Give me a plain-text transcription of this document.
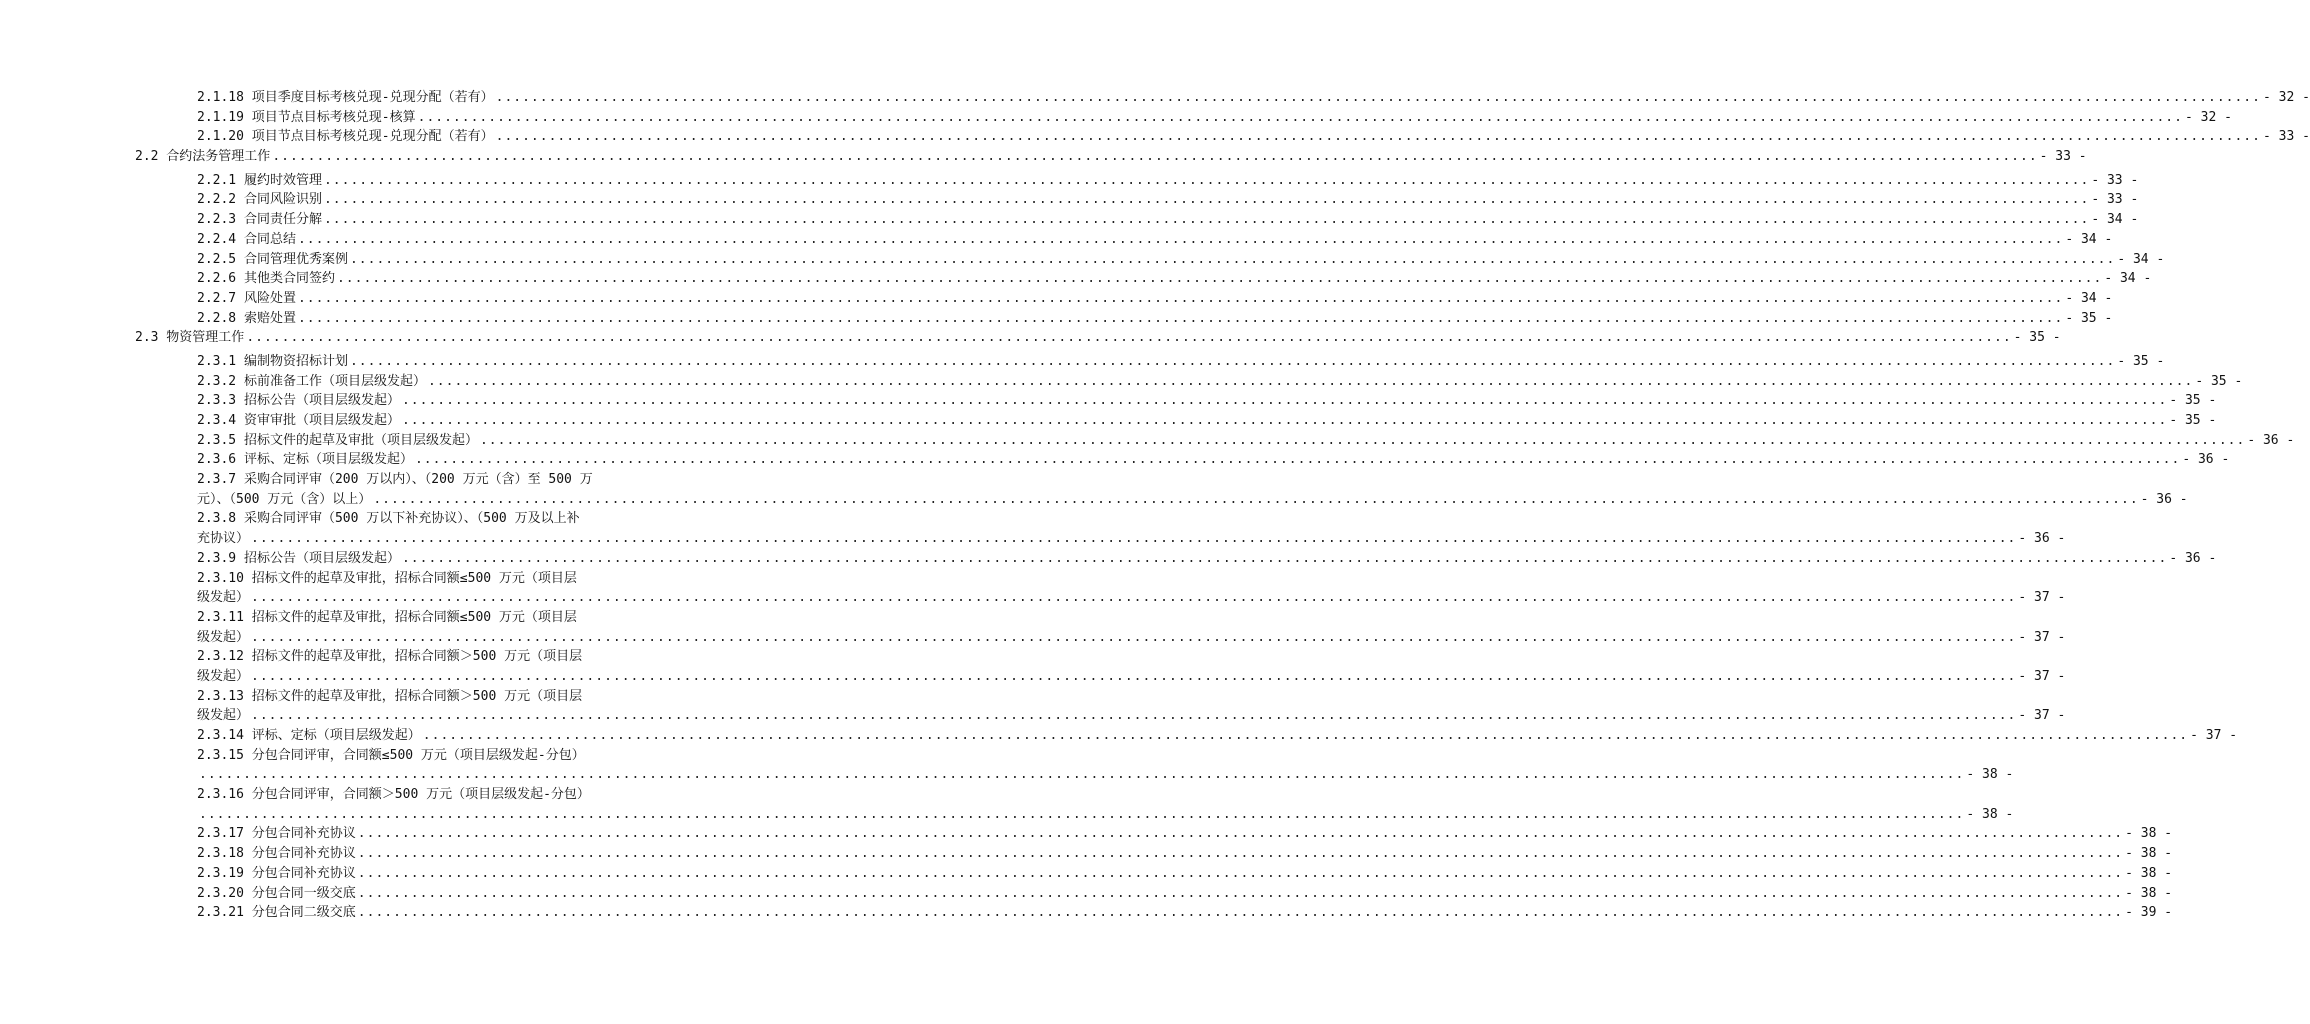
2.1.18 项目季度目标考核兑现-兑现分配（若有） ........................................................................................................................................................................................................ - 32 -
2.1.19 项目节点目标考核兑现-核算 ........................................................................................................................................................................................................ - 32 -
2.1.20 项目节点目标考核兑现-兑现分配（若有） ........................................................................................................................................................................................................ - 33 -
2.2 合约法务管理工作 ........................................................................................................................................................................................................ - 33 -
2.2.1 履约时效管理 ........................................................................................................................................................................................................ - 33 -
2.2.2 合同风险识别 ........................................................................................................................................................................................................ - 33 -
2.2.3 合同责任分解 ........................................................................................................................................................................................................ - 34 -
2.2.4 合同总结 ........................................................................................................................................................................................................ - 34 -
2.2.5 合同管理优秀案例 ........................................................................................................................................................................................................ - 34 -
2.2.6 其他类合同签约 ........................................................................................................................................................................................................ - 34 -
2.2.7 风险处置 ........................................................................................................................................................................................................ - 34 -
2.2.8 索赔处置 ........................................................................................................................................................................................................ - 35 -
2.3 物资管理工作 ........................................................................................................................................................................................................ - 35 -
2.3.1 编制物资招标计划 ........................................................................................................................................................................................................ - 35 -
2.3.2 标前准备工作（项目层级发起） ........................................................................................................................................................................................................ - 35 -
2.3.3 招标公告（项目层级发起） ........................................................................................................................................................................................................ - 35 -
2.3.4 资审审批（项目层级发起） ........................................................................................................................................................................................................ - 35 -
2.3.5 招标文件的起草及审批（项目层级发起） ........................................................................................................................................................................................................ - 36 -
2.3.6 评标、定标（项目层级发起） ........................................................................................................................................................................................................ - 36 -
2.3.7 采购合同评审（200 万以内）、（200 万元（含）至 500 万
元）、（500 万元（含）以上） ........................................................................................................................................................................................................ - 36 -
2.3.8 采购合同评审（500 万以下补充协议）、（500 万及以上补
充协议） ........................................................................................................................................................................................................ - 36 -
2.3.9 招标公告（项目层级发起） ........................................................................................................................................................................................................ - 36 -
2.3.10 招标文件的起草及审批，招标合同额≤500 万元（项目层
级发起） ........................................................................................................................................................................................................ - 37 -
2.3.11 招标文件的起草及审批，招标合同额≤500 万元（项目层
级发起） ........................................................................................................................................................................................................ - 37 -
2.3.12 招标文件的起草及审批，招标合同额＞500 万元（项目层
级发起） ........................................................................................................................................................................................................ - 37 -
2.3.13 招标文件的起草及审批，招标合同额＞500 万元（项目层
级发起） ........................................................................................................................................................................................................ - 37 -
2.3.14 评标、定标（项目层级发起） ........................................................................................................................................................................................................ - 37 -
2.3.15 分包合同评审，合同额≤500 万元（项目层级发起-分包）
........................................................................................................................................................................................................ - 38 -
2.3.16 分包合同评审，合同额＞500 万元（项目层级发起-分包）
........................................................................................................................................................................................................ - 38 -
2.3.17 分包合同补充协议 ........................................................................................................................................................................................................ - 38 -
2.3.18 分包合同补充协议 ........................................................................................................................................................................................................ - 38 -
2.3.19 分包合同补充协议 ........................................................................................................................................................................................................ - 38 -
2.3.20 分包合同一级交底 ........................................................................................................................................................................................................ - 38 -
2.3.21 分包合同二级交底 ........................................................................................................................................................................................................ - 39 -
